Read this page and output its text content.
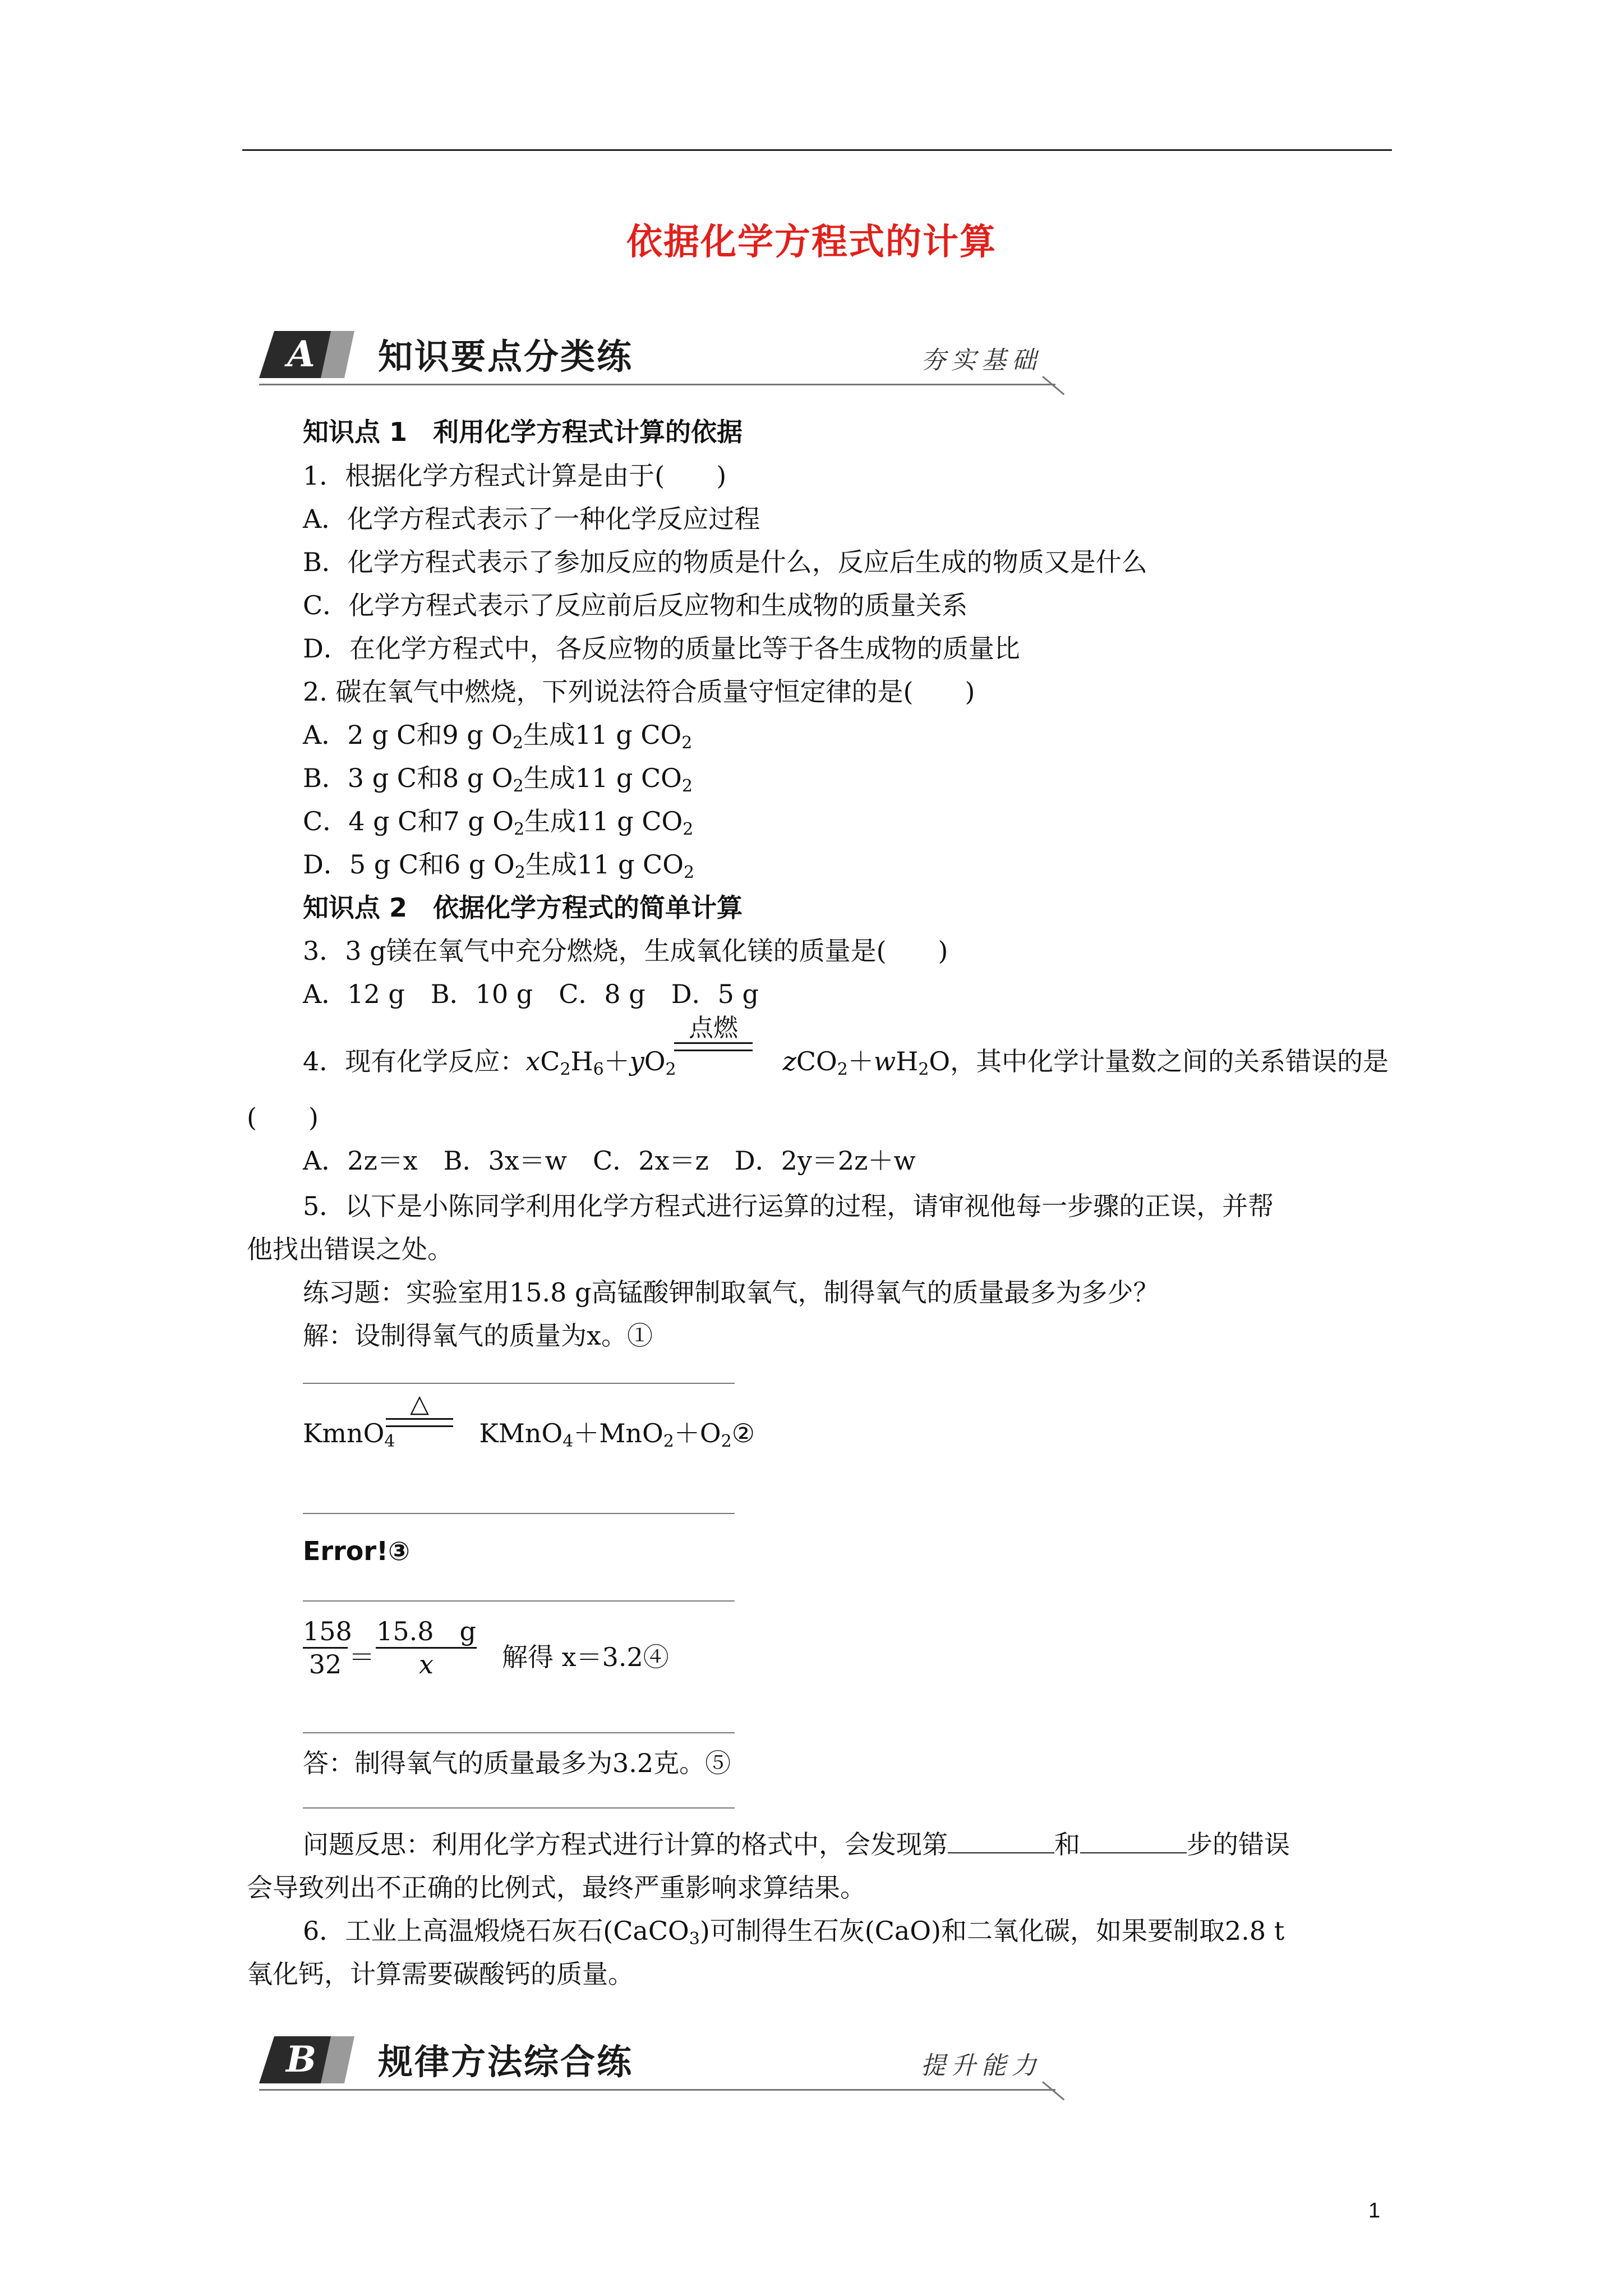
依据化学方程式的计算
A	知识要点分类练	夯实基础
知识点 1　利用化学方程式计算的依据
1．根据化学方程式计算是由于(　　)
A．化学方程式表示了一种化学反应过程
B．化学方程式表示了参加反应的物质是什么，反应后生成的物质又是什么
C．化学方程式表示了反应前后反应物和生成物的质量关系
D．在化学方程式中，各反应物的质量比等于各生成物的质量比
2. 碳在氧气中燃烧，下列说法符合质量守恒定律的是(　　)
A．2 g C和9 g $O_2$生成11 g $CO_2$
B．3 g C和8 g $O_2$生成11 g $CO_2$
C．4 g C和7 g $O_2$生成11 g $CO_2$
D．5 g C和6 g $O_2$生成11 g $CO_2$
知识点 2　依据化学方程式的简单计算
3．3 g镁在氧气中充分燃烧，生成氧化镁的质量是(　　)
A．12 g　B．10 g　C．8 g　D．5 g
4．现有化学反应：$xC_2H_6+yO_2$	$zCO_2+wH_2O$，其中化学计量数之间的关系错误的是
点燃
(　　)
A．2z＝x　B．3x＝w　C．2x＝z　D．2y＝2z＋w
5．以下是小陈同学利用化学方程式进行运算的过程，请审视他每一步骤的正误，并帮
他找出错误之处。
练习题：实验室用15.8 g高锰酸钾制取氧气，制得氧气的质量最多为多少？
解：设制得氧气的质量为x。①
KmnO$_4$	$KMnO_4+MnO_2+O_2②$
△
Error!③
158
32 ＝
15.8　g
x	解得 x＝3.2④
答：制得氧气的质量最多为3.2克。⑤
问题反思：利用化学方程式进行计算的格式中，会发现第	和	步的错误
会导致列出不正确的比例式，最终严重影响求算结果。
6．工业上高温煅烧石灰石(CaCO$_3$)可制得生石灰(CaO)和二氧化碳，如果要制取2.8 t
氧化钙，计算需要碳酸钙的质量。
B 规律方法综合练	提升能力
1
